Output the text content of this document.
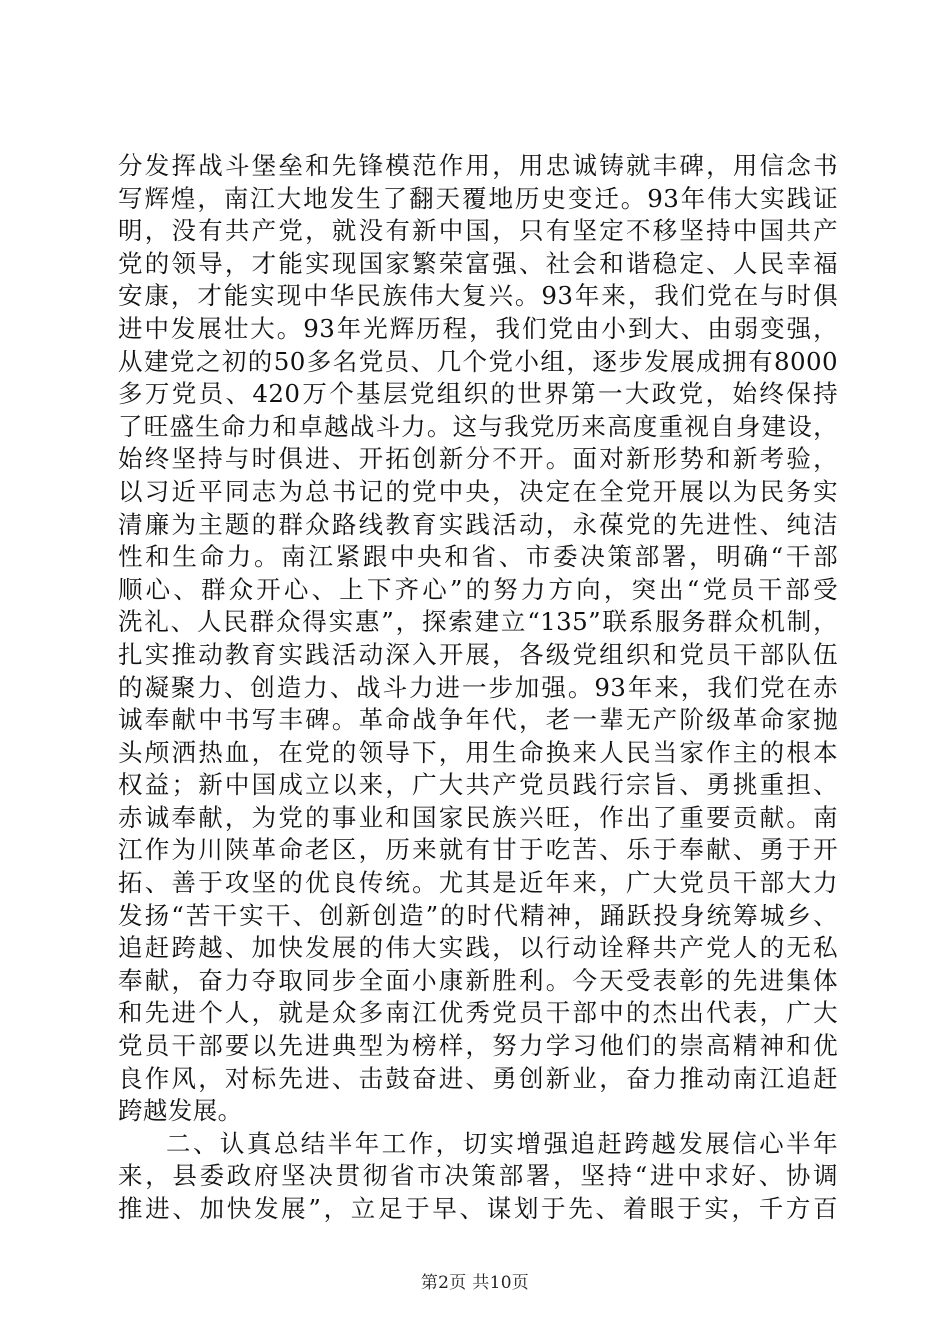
分发挥战斗堡垒和先锋模范作用，用忠诚铸就丰碑，用信念书
写辉煌，南江大地发生了翻天覆地历史变迁。93年伟大实践证
明，没有共产党，就没有新中国，只有坚定不移坚持中国共产
党的领导，才能实现国家繁荣富强、社会和谐稳定、人民幸福
安康，才能实现中华民族伟大复兴。93年来，我们党在与时俱
进中发展壮大。93年光辉历程，我们党由小到大、由弱变强，
从建党之初的50多名党员、几个党小组，逐步发展成拥有8000
多万党员、420万个基层党组织的世界第一大政党，始终保持
了旺盛生命力和卓越战斗力。这与我党历来高度重视自身建设，
始终坚持与时俱进、开拓创新分不开。面对新形势和新考验，
以习近平同志为总书记的党中央，决定在全党开展以为民务实
清廉为主题的群众路线教育实践活动，永葆党的先进性、纯洁
性和生命力。南江紧跟中央和省、市委决策部署，明确“干部
顺心、群众开心、上下齐心”的努力方向，突出“党员干部受
洗礼、人民群众得实惠”，探索建立“135”联系服务群众机制，
扎实推动教育实践活动深入开展，各级党组织和党员干部队伍
的凝聚力、创造力、战斗力进一步加强。93年来，我们党在赤
诚奉献中书写丰碑。革命战争年代，老一辈无产阶级革命家抛
头颅洒热血，在党的领导下，用生命换来人民当家作主的根本
权益；新中国成立以来，广大共产党员践行宗旨、勇挑重担、
赤诚奉献，为党的事业和国家民族兴旺，作出了重要贡献。南
江作为川陕革命老区，历来就有甘于吃苦、乐于奉献、勇于开
拓、善于攻坚的优良传统。尤其是近年来，广大党员干部大力
发扬“苦干实干、创新创造”的时代精神，踊跃投身统筹城乡、
追赶跨越、加快发展的伟大实践，以行动诠释共产党人的无私
奉献，奋力夺取同步全面小康新胜利。今天受表彰的先进集体
和先进个人，就是众多南江优秀党员干部中的杰出代表，广大
党员干部要以先进典型为榜样，努力学习他们的崇高精神和优
良作风，对标先进、击鼓奋进、勇创新业，奋力推动南江追赶
跨越发展。
二、认真总结半年工作，切实增强追赶跨越发展信心半年
来，县委政府坚决贯彻省市决策部署，坚持“进中求好、协调
推进、加快发展”，立足于早、谋划于先、着眼于实，千方百
第2页 共10页
